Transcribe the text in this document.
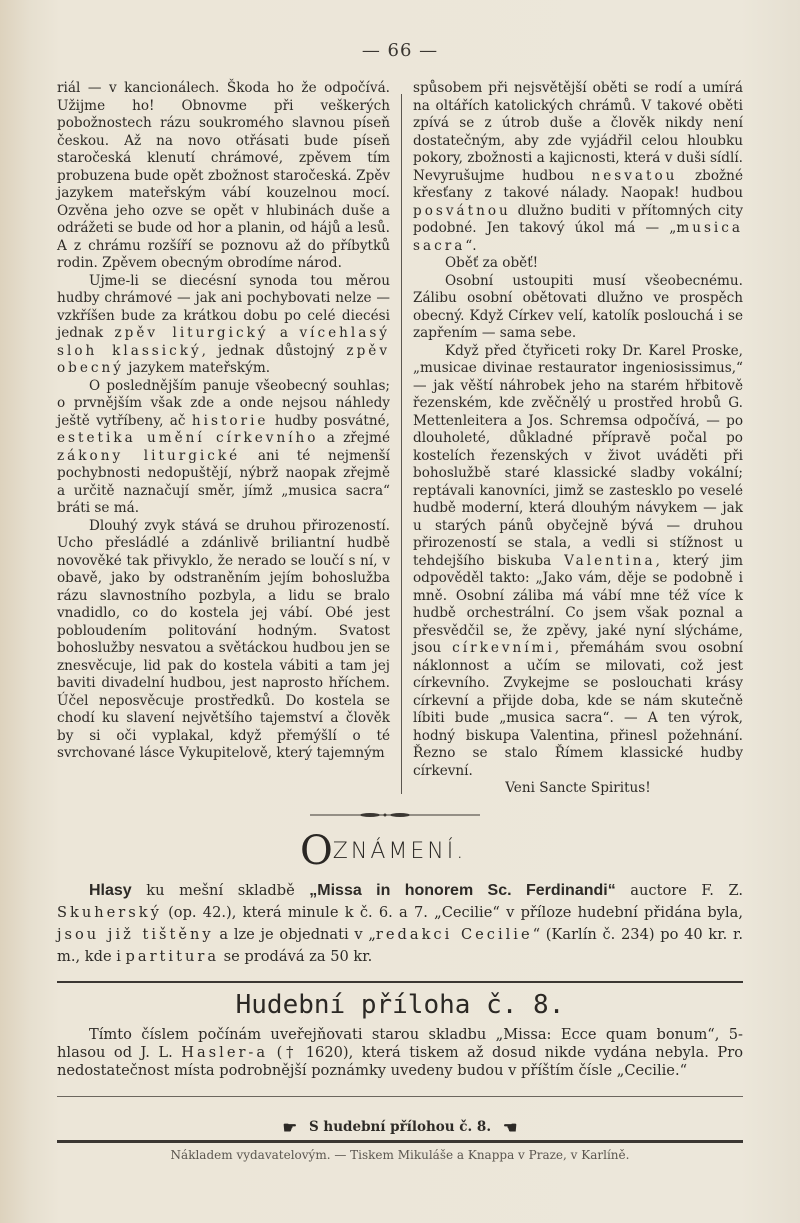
— 66 —

riál — v kancionálech. Škoda ho že odpočívá. Užijme ho! Obnovme při veškerých pobožnostech rázu soukromého slavnou píseň českou. Až na novo otřásati bude píseň staročeská klenutí chrámové, zpěvem tím probuzena bude opět zbožnost staročeská. Zpěv jazykem mateřským vábí kouzelnou mocí. Ozvěna jeho ozve se opět v hlubinách duše a odrážeti se bude od hor a planin, od hájů a lesů. A z chrámu rozšíří se poznovu až do příbytků rodin. Zpěvem obecným obrodíme národ.

Ujme-li se diecésní synoda tou měrou hudby chrámové — jak ani pochybovati nelze — vzkříšen bude za krátkou dobu po celé diecési jednak zpěv liturgický a vícehlasý sloh klassický, jednak důstojný zpěv obecný jazykem mateřským.

O poslednějším panuje všeobecný souhlas; o prvnějším však zde a onde nejsou náhledy ještě vytříbeny, ač historie hudby posvátné, estetika umění církevního a zřejmé zákony liturgické ani té nejmenší pochybnosti nedopuštějí, nýbrž naopak zřejmě a určitě naznačují směr, jímž „musica sacra“ bráti se má.

Dlouhý zvyk stává se druhou přirozeností. Ucho přesládlé a zdánlivě briliantní hudbě novověké tak přivyklo, že nerado se loučí s ní, v obavě, jako by odstraněním jejím bohoslužba rázu slavnostního pozbyla, a lidu se bralo vnadidlo, co do kostela jej vábí. Obé jest pobloudením politování hodným. Svatost bohoslužby nesvatou a světáckou hudbou jen se znesvěcuje, lid pak do kostela vábiti a tam jej baviti divadelní hudbou, jest naprosto hříchem. Účel neposvěcuje prostředků. Do kostela se chodí ku slavení největšího tajemství a člověk by si oči vyplakal, když přemýšlí o té svrchované lásce Vykupitelově, který tajemným

spůsobem při nejsvětější oběti se rodí a umírá na oltářích katolických chrámů. V takové oběti zpívá se z útrob duše a člověk nikdy není dostatečným, aby zde vyjádřil celou hloubku pokory, zbožnosti a kajicnosti, která v duši sídlí. Nevyrušujme hudbou nesvatou zbožné křesťany z takové nálady. Naopak! hudbou posvátnou dlužno buditi v přítomných city podobné. Jen takový úkol má — „musica sacra“.

Oběť za oběť!

Osobní ustoupiti musí všeobecnému. Zálibu osobní obětovati dlužno ve prospěch obecný. Když Církev velí, katolík poslouchá i se zapřením — sama sebe.

Když před čtyřiceti roky Dr. Karel Proske, „musicae divinae restaurator ingeniosissimus,“ — jak věští náhrobek jeho na starém hřbitově řezenském, kde zvěčnělý u prostřed hrobů G. Mettenleitera a Jos. Schremsa odpočívá, — po dlouholeté, důkladné přípravě počal po kostelích řezenských v život uváděti při bohoslužbě staré klassické sladby vokální; reptávali kanovníci, jimž se zastesklo po veselé hudbě moderní, která dlouhým návykem — jak u starých pánů obyčejně bývá — druhou přirozeností se stala, a vedli si stížnost u tehdejšího biskuba Valentina, který jim odpověděl takto: „Jako vám, děje se podobně i mně. Osobní záliba má vábí mne též více k hudbě orchestrální. Co jsem však poznal a přesvědčil se, že zpěvy, jaké nyní slýcháme, jsou církevními, přemáhám svou osobní náklonnost a učím se milovati, což jest církevního. Zvykejme se poslouchati krásy církevní a přijde doba, kde se nám skutečně líbiti bude „musica sacra“. — A ten výrok, hodný biskupa Valentina, přinesl požehnání. Řezno se stalo Římem klassické hudby církevní.

Veni Sancte Spiritus!

OZNÁMENÍ.

Hlasy ku mešní skladbě „Missa in honorem Sc. Ferdinandi“ auctore F. Z. Skuherský (op. 42.), která minule k č. 6. a 7. „Cecilie“ v příloze hudební přidána byla, jsou již tištěny a lze je objednati v „redakci Cecilie“ (Karlín č. 234) po 40 kr. r. m., kde i partitura se prodává za 50 kr.

Hudební příloha č. 8.

Tímto číslem počínám uveřejňovati starou skladbu „Missa: Ecce quam bonum“, 5-hlasou od J. L. Hasler-a († 1620), která tiskem až dosud nikde vydána nebyla. Pro nedostatečnost místa podrobnější poznámky uvedeny budou v příštím čísle „Cecilie.“

☛ S hudební přílohou č. 8. ☚
Nákladem vydavatelovým. — Tiskem Mikuláše a Knappa v Praze, v Karlíně.
